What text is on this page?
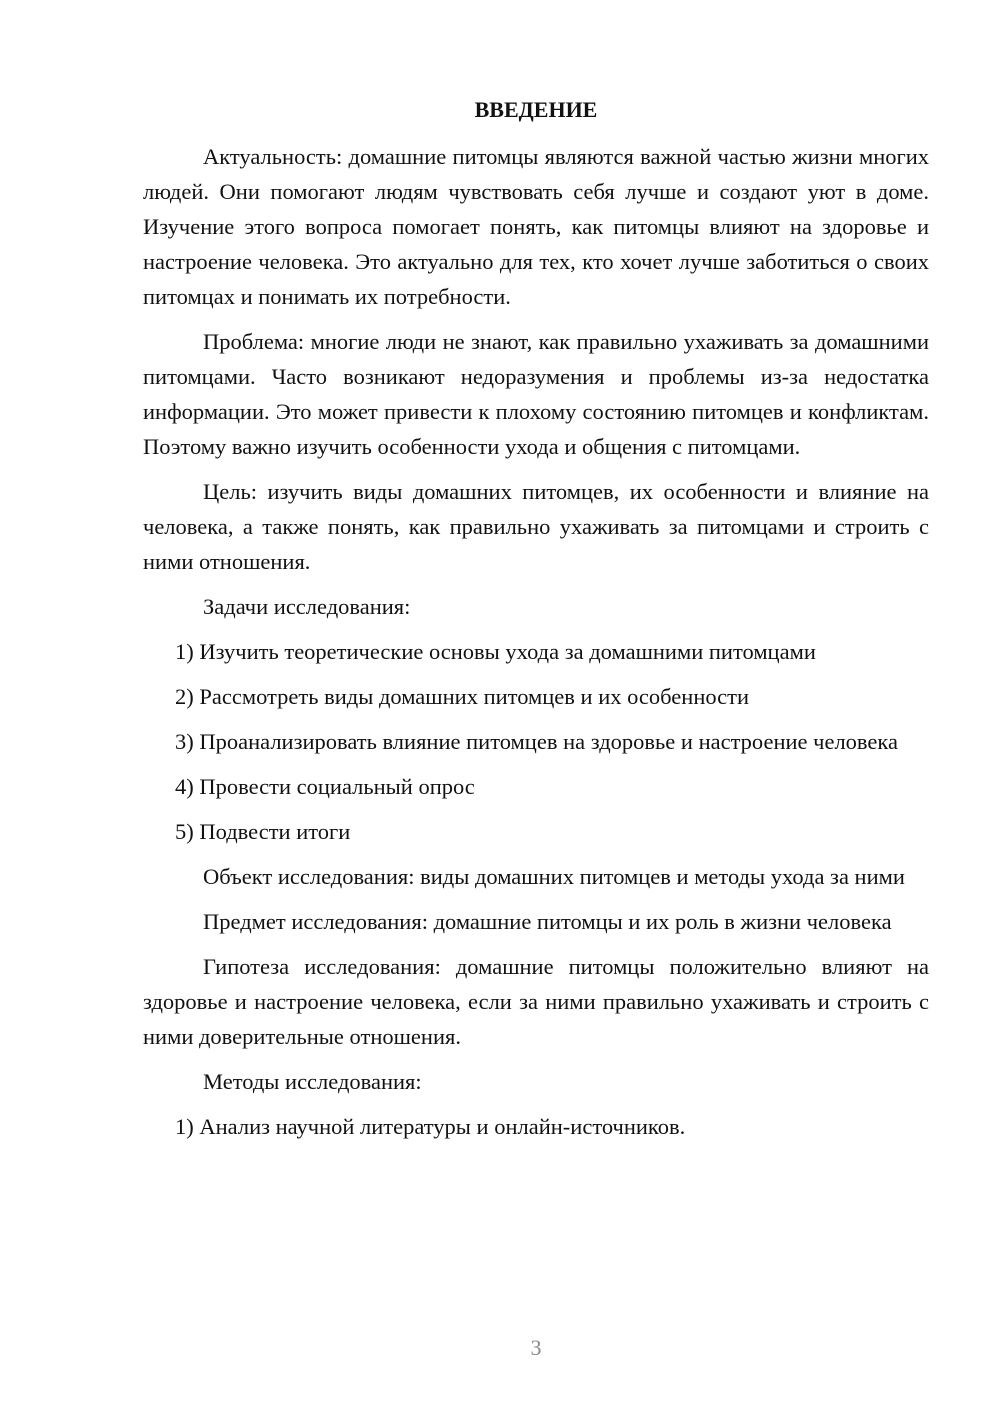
ВВЕДЕНИЕ

Актуальность: домашние питомцы являются важной частью жизни многих людей. Они помогают людям чувствовать себя лучше и создают уют в доме. Изучение этого вопроса помогает понять, как питомцы влияют на здоровье и настроение человека. Это актуально для тех, кто хочет лучше заботиться о своих питомцах и понимать их потребности.

Проблема: многие люди не знают, как правильно ухаживать за домашними питомцами. Часто возникают недоразумения и проблемы из-за недостатка информации. Это может привести к плохому состоянию питомцев и конфликтам. Поэтому важно изучить особенности ухода и общения с питомцами.

Цель: изучить виды домашних питомцев, их особенности и влияние на человека, а также понять, как правильно ухаживать за питомцами и строить с ними отношения.

Задачи исследования:

1) Изучить теоретические основы ухода за домашними питомцами

2) Рассмотреть виды домашних питомцев и их особенности

3) Проанализировать влияние питомцев на здоровье и настроение человека

4) Провести социальный опрос

5) Подвести итоги

Объект исследования: виды домашних питомцев и методы ухода за ними

Предмет исследования: домашние питомцы и их роль в жизни человека

Гипотеза исследования: домашние питомцы положительно влияют на здоровье и настроение человека, если за ними правильно ухаживать и строить с ними доверительные отношения.

Методы исследования:

1) Анализ научной литературы и онлайн-источников.

3
